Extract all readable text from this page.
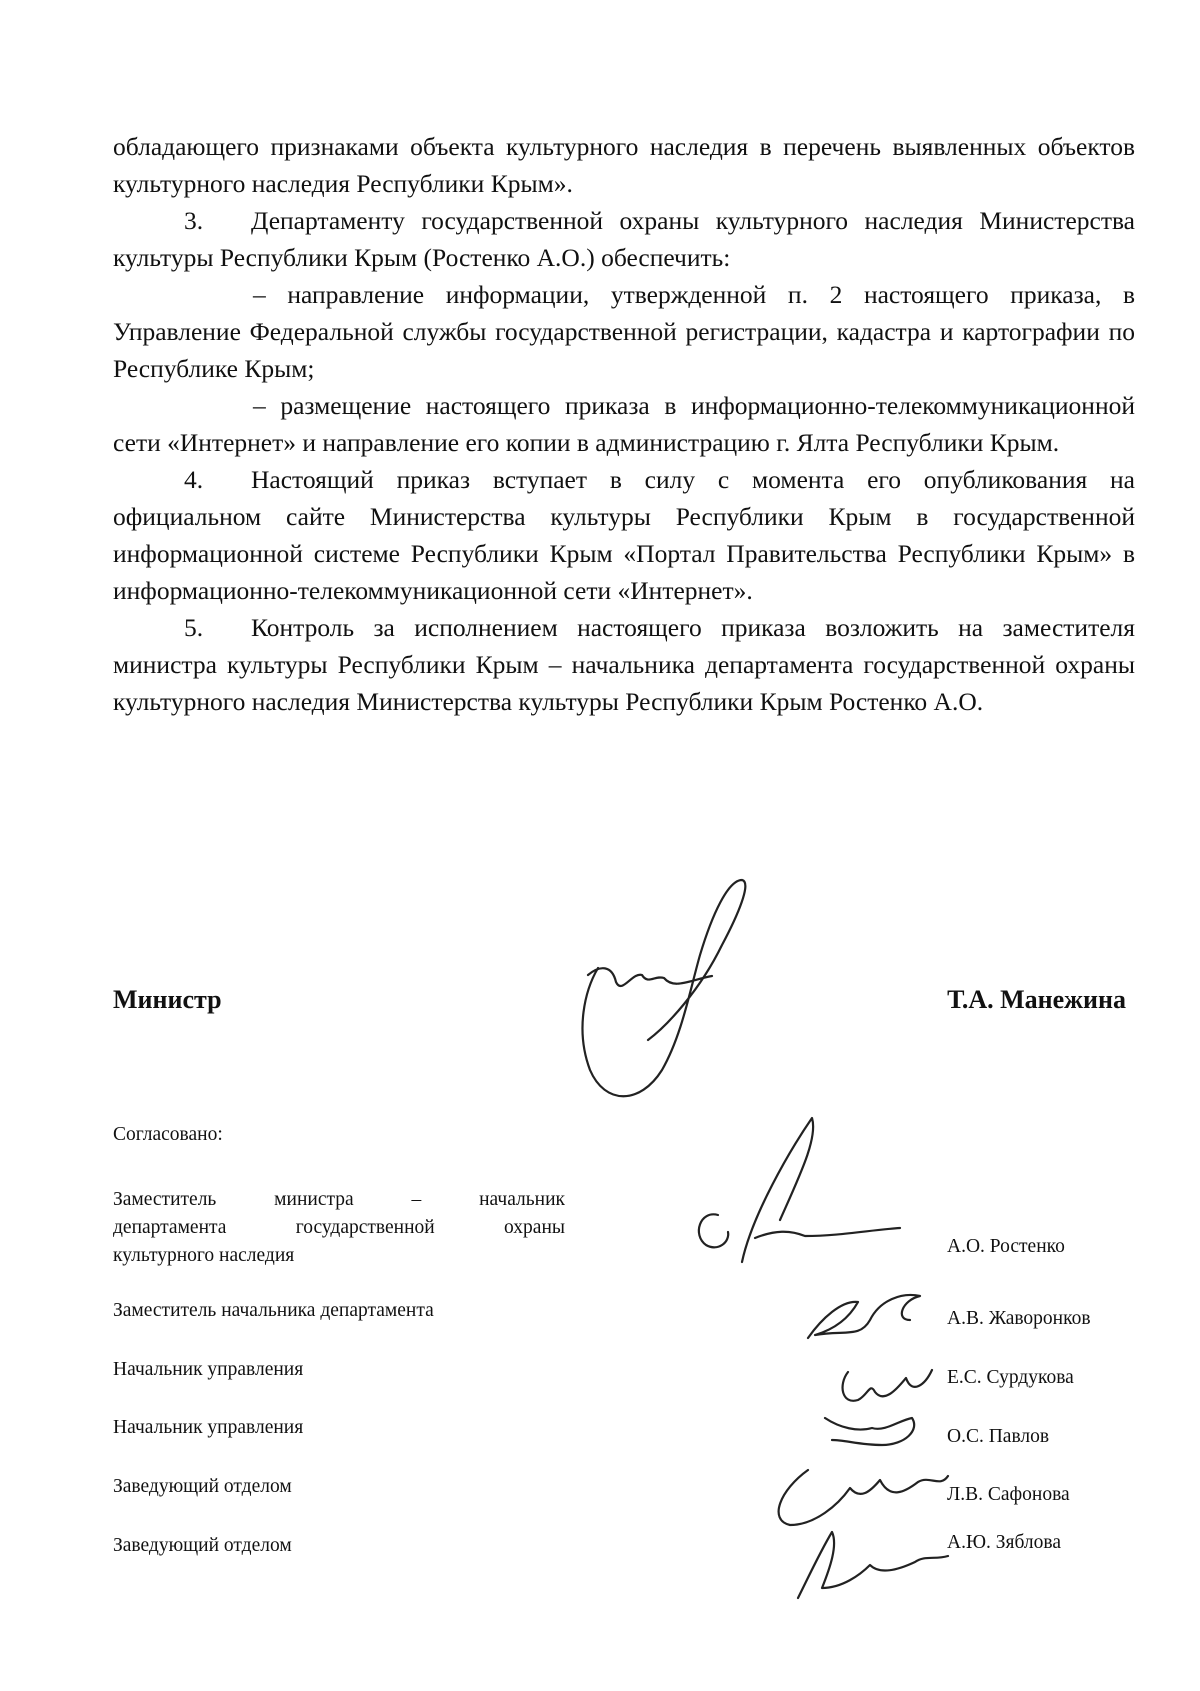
обладающего признаками объекта культурного наследия в перечень выявленных объектов культурного наследия Республики Крым».

3. Департаменту государственной охраны культурного наследия Министерства культуры Республики Крым (Ростенко А.О.) обеспечить:

– направление информации, утвержденной п. 2 настоящего приказа, в Управление Федеральной службы государственной регистрации, кадастра и картографии по Республике Крым;

– размещение настоящего приказа в информационно-телекоммуникационной сети «Интернет» и направление его копии в администрацию г. Ялта Республики Крым.

4. Настоящий приказ вступает в силу с момента его опубликования на официальном сайте Министерства культуры Республики Крым в государственной информационной системе Республики Крым «Портал Правительства Республики Крым» в информационно-телекоммуникационной сети «Интернет».

5. Контроль за исполнением настоящего приказа возложить на заместителя министра культуры Республики Крым – начальника департамента государственной охраны культурного наследия Министерства культуры Республики Крым Ростенко А.О.

Министр	Т.А. Манежина
Согласовано:
Заместитель министра – начальник
департамента государственной охраны
культурного наследия	А.О. Ростенко
Заместитель начальника департамента	А.В. Жаворонков
Начальник управления	Е.С. Сурдукова
Начальник управления	О.С. Павлов
Заведующий отделом	Л.В. Сафонова
Заведующий отделом	А.Ю. Зяблова
